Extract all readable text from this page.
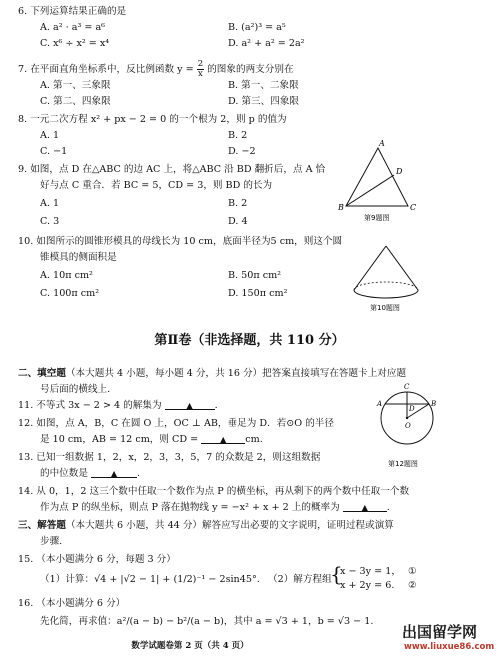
6. 下列运算结果正确的是
A. a² · a³ = a⁶	B. (a²)³ = a⁵
C. x⁶ ÷ x² = x⁴	D. a² + a² = 2a²
7. 在平面直角坐标系中，反比例函数 $y = \frac{2}{x}$ 的图象的两支分别在
A. 第一、三象限	B. 第一、二象限
C. 第二、四象限	D. 第三、四象限
8. 一元二次方程 x² + px − 2 = 0 的一个根为 2，则 p 的值为
A. 1	B. 2
C. −1	D. −2
9. 如图，点 D 在△ABC 的边 AC 上，将△ABC 沿 BD 翻折后，点 A 恰
好与点 C 重合．若 BC = 5，CD = 3，则 BD 的长为
A. 1	B. 2
C. 3	D. 4
A
B	C
D
第9题图
10. 如图所示的圆锥形模具的母线长为 10 cm，底面半径为5 cm，则这个圆
锥模具的侧面积是
A. 10π cm²	B. 50π cm²
C. 100π cm²	D. 150π cm²
第10题图
第Ⅱ卷（非选择题，共 110 分）
二、填空题（本大题共 4 小题，每小题 4 分，共 16 分）把答案直接填写在答题卡上对应题
号后面的横线上.
11. 不等式 3x − 2 > 4 的解集为	▲ .
12. 如图，点 A，B，C 在圆 O 上，OC ⊥ AB，垂足为 D．若⊙O 的半径
是 10 cm，AB = 12 cm，则 CD =	▲ cm.
C
A	B
D
O
第12题图
13. 已知一组数据 1，2，x，2，3，3，5，7 的众数是 2，则这组数据
的中位数是	▲ .
14. 从 0，1，2 这三个数中任取一个数作为点 P 的横坐标，再从剩下的两个数中任取一个数
作为点 P 的纵坐标，则点 P 落在抛物线 y = −x² + x + 2 上的概率为	▲ .
三、解答题（本大题共 6 小题，共 44 分）解答应写出必要的文字说明，证明过程或演算
步骤.
15. （本小题满分 6 分，每题 3 分）
（1）计算：√4 + |√2 − 1| + (1/2)⁻¹ − 2sin45°. （2）解方程组
{
x − 3y = 1，
x + 2y = 6.
①
②
16. （本小题满分 6 分）
先化简，再求值：a²/(a − b) − b²/(a − b)，其中 a = √3 + 1，b = √3 − 1.
数学试题卷第 2 页（共 4 页）
出国留学网
www.liuxue86.com
